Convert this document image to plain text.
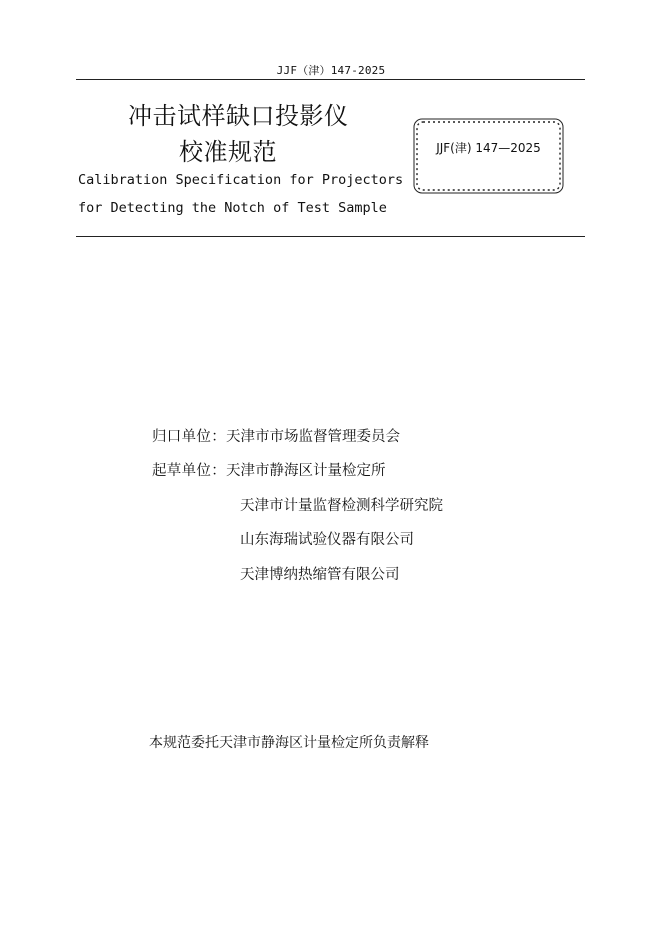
JJF（津）147-2025
冲击试样缺口投影仪
校准规范
Calibration Specification for Projectors
for Detecting the Notch of Test Sample
JJF(津) 147—2025
归口单位：天津市市场监督管理委员会
起草单位：天津市静海区计量检定所
天津市计量监督检测科学研究院
山东海瑞试验仪器有限公司
天津博纳热缩管有限公司
本规范委托天津市静海区计量检定所负责解释
